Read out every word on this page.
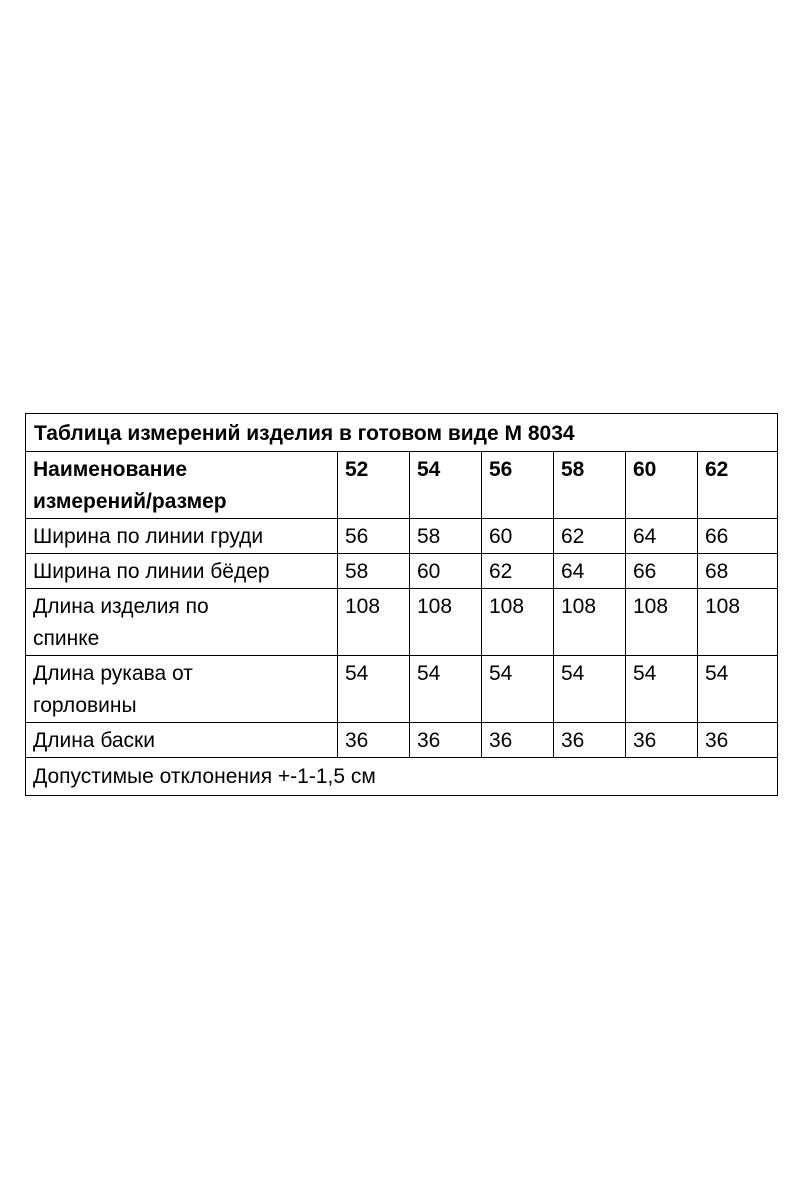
Таблица измерений изделия в готовом виде М 8034						
Наименование
измерений/размер	52	54	56	58	60	62
Ширина по линии груди	56	58	60	62	64	66
Ширина по линии бёдер	58	60	62	64	66	68
Длина изделия по
спинке	108	108	108	108	108	108
Длина рукава от
горловины	54	54	54	54	54	54
Длина баски	36	36	36	36	36	36
Допустимые отклонения +-1-1,5 см						
